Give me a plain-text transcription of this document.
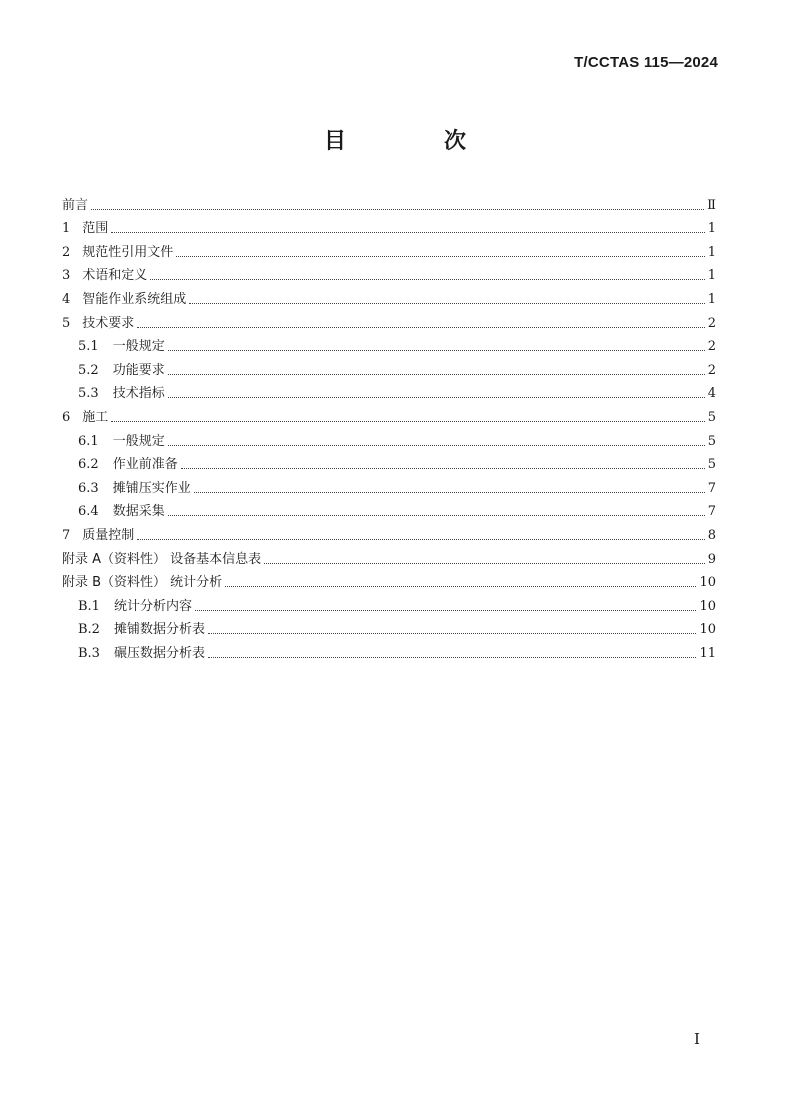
T/CCTAS 115—2024
目　次
前言	Ⅱ
1 范围	1
2 规范性引用文件	1
3 术语和定义	1
4 智能作业系统组成	1
5 技术要求	2
5.1 一般规定	2
5.2 功能要求	2
5.3 技术指标	4
6 施工	5
6.1 一般规定	5
6.2 作业前准备	5
6.3 摊铺压实作业	7
6.4 数据采集	7
7 质量控制	8
附录 A（资料性） 设备基本信息表	9
附录 B（资料性） 统计分析	10
B.1 统计分析内容	10
B.2 摊铺数据分析表	10
B.3 碾压数据分析表	11
I
